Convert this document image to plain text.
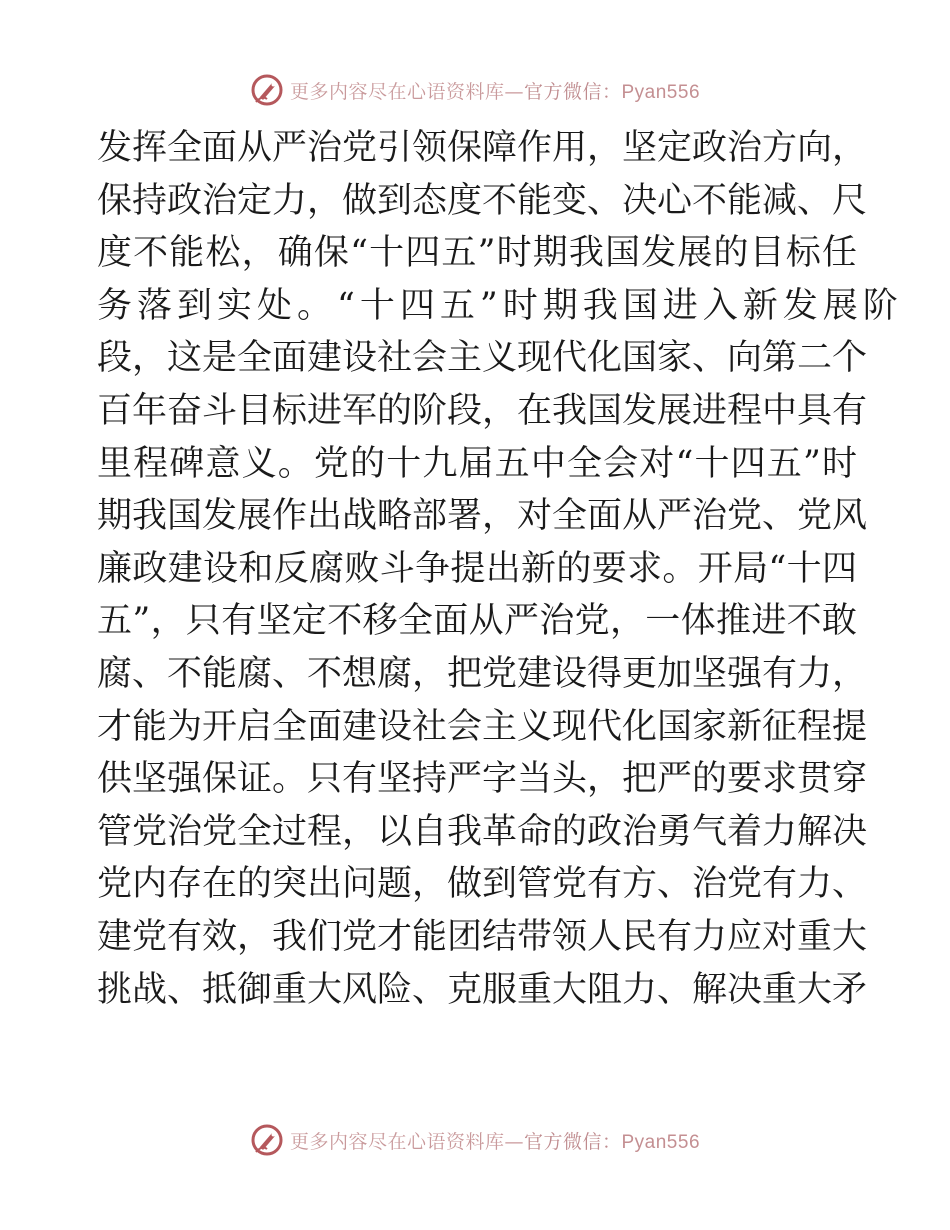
更多内容尽在心语资料库—官方微信：Pyan556
发挥全面从严治党引领保障作用，坚定政治方向，
保持政治定力，做到态度不能变、决心不能减、尺
度不能松，确保“十四五”时期我国发展的目标任
务落到实处。“十四五”时期我国进入新发展阶
段，这是全面建设社会主义现代化国家、向第二个
百年奋斗目标进军的阶段，在我国发展进程中具有
里程碑意义。党的十九届五中全会对“十四五”时
期我国发展作出战略部署，对全面从严治党、党风
廉政建设和反腐败斗争提出新的要求。开局“十四
五”，只有坚定不移全面从严治党，一体推进不敢
腐、不能腐、不想腐，把党建设得更加坚强有力，
才能为开启全面建设社会主义现代化国家新征程提
供坚强保证。只有坚持严字当头，把严的要求贯穿
管党治党全过程，以自我革命的政治勇气着力解决
党内存在的突出问题，做到管党有方、治党有力、
建党有效，我们党才能团结带领人民有力应对重大
挑战、抵御重大风险、克服重大阻力、解决重大矛
更多内容尽在心语资料库—官方微信：Pyan556
